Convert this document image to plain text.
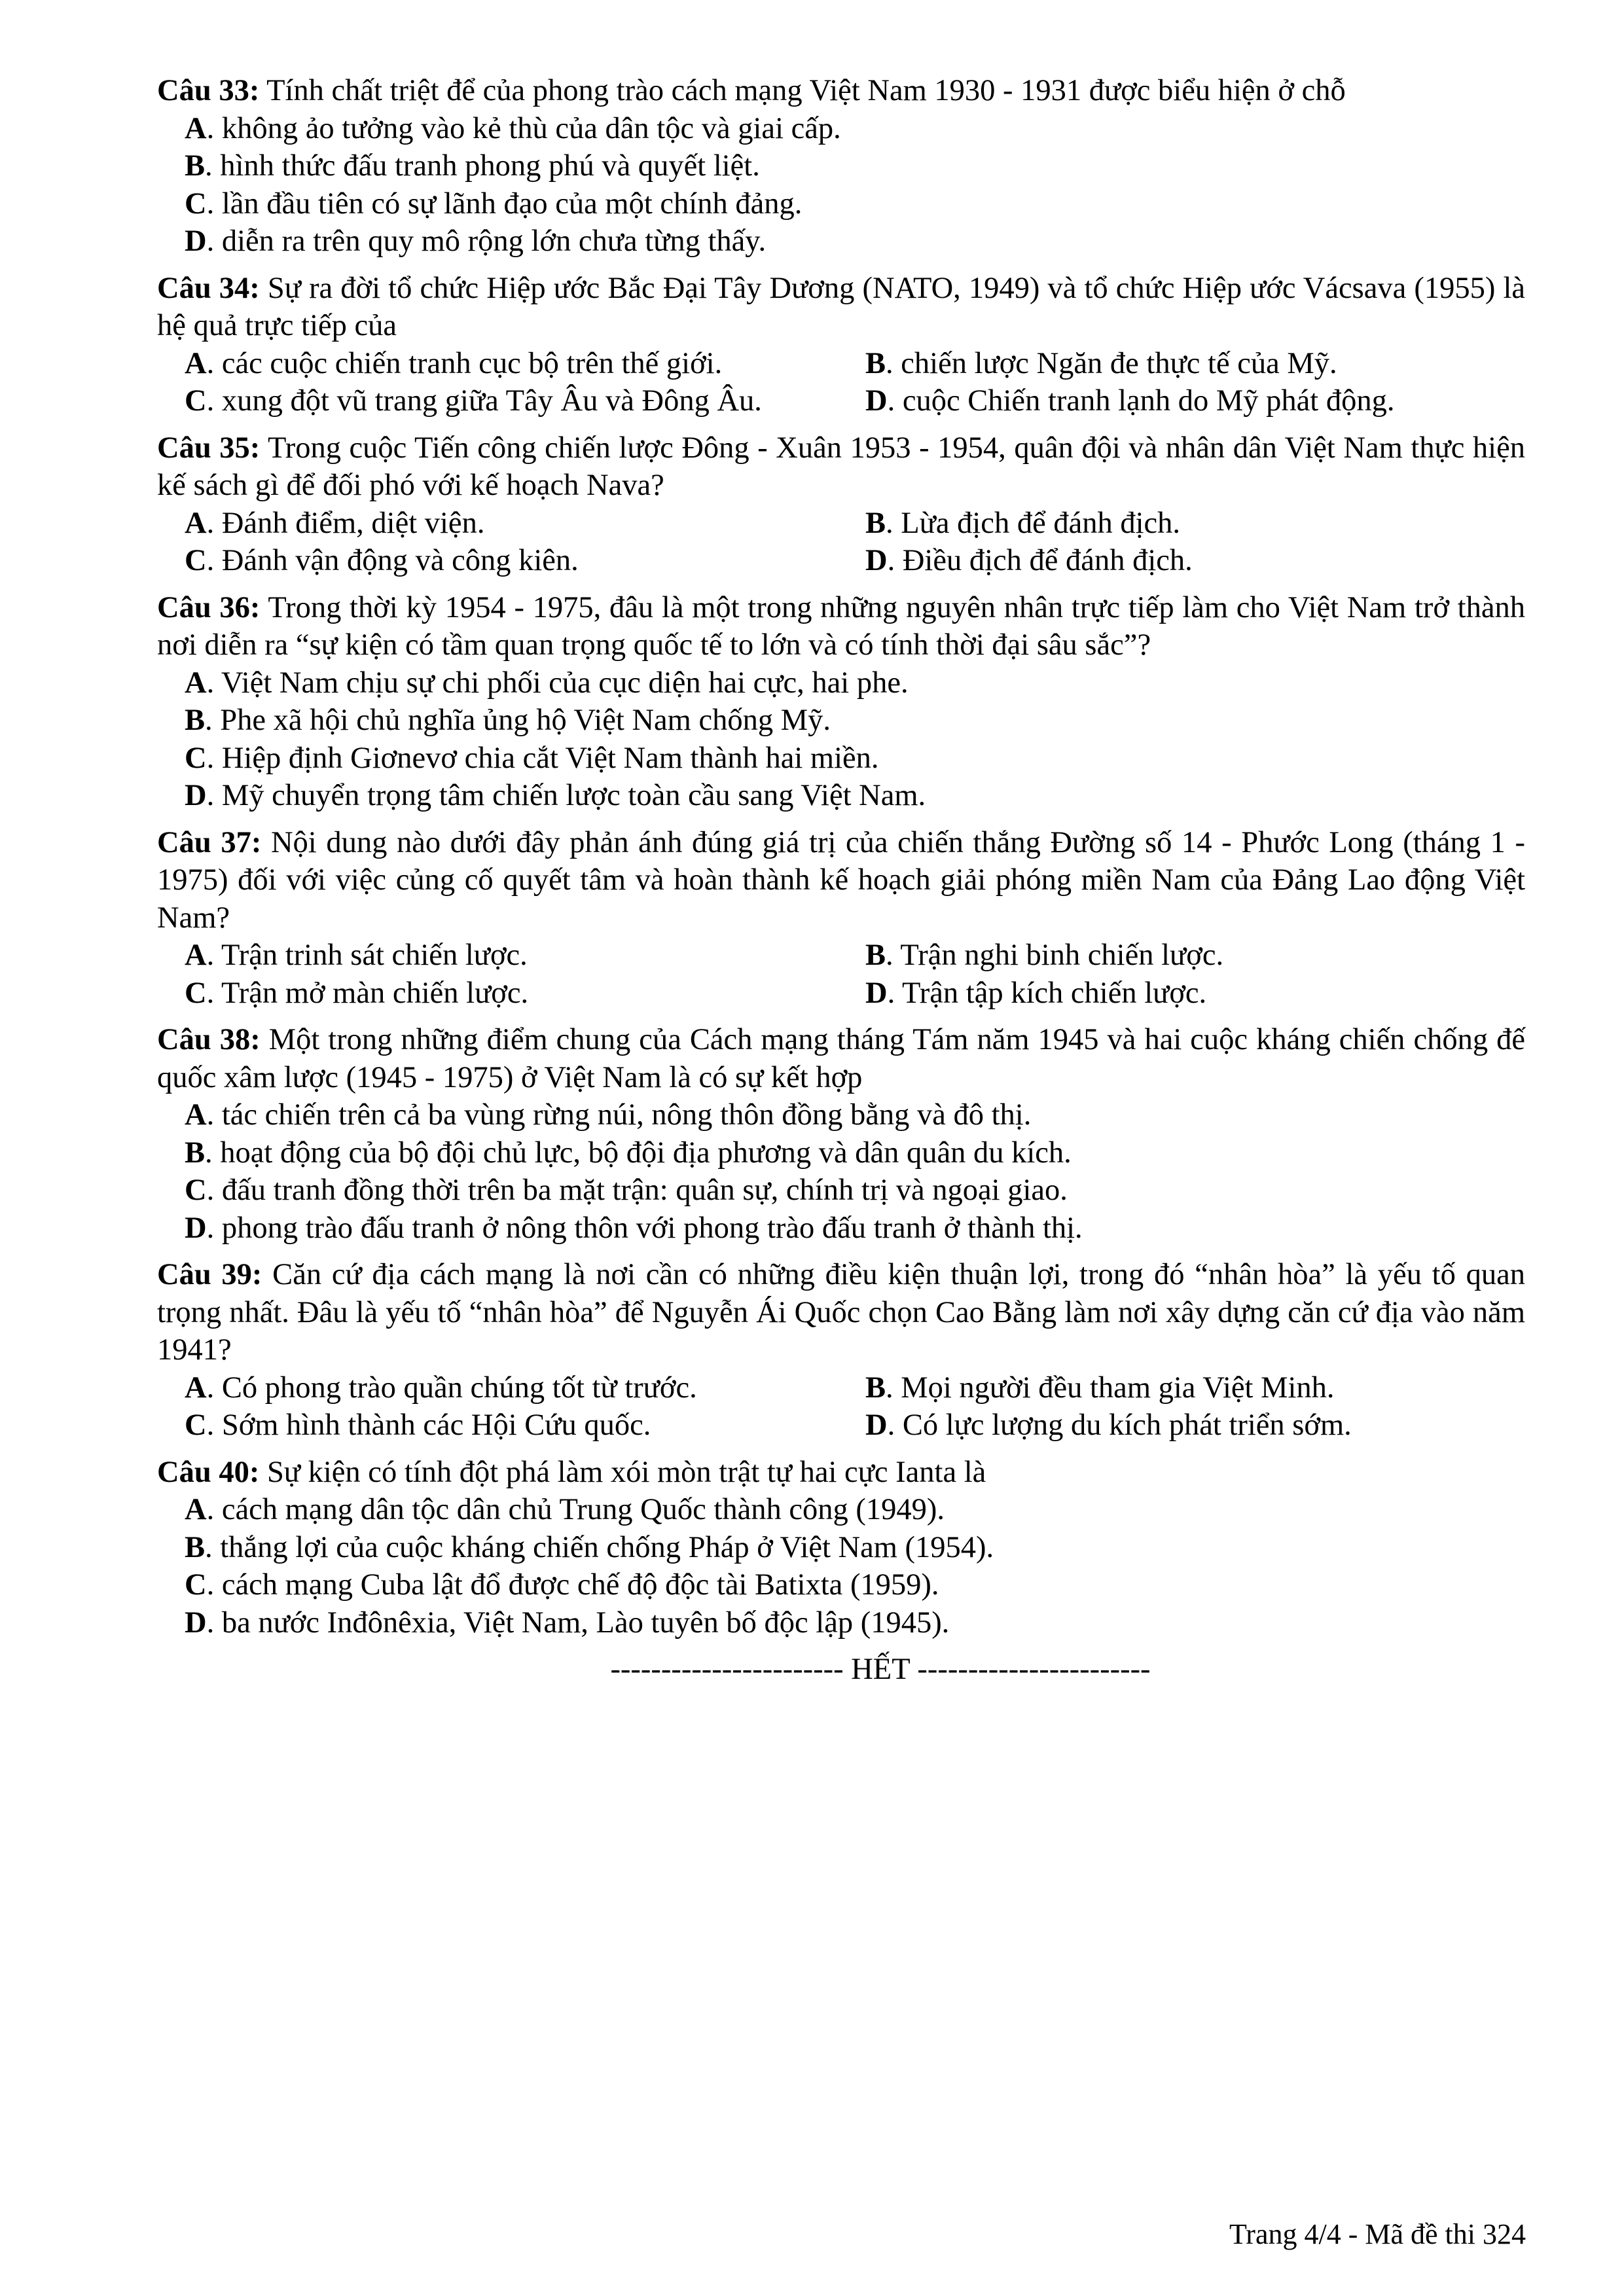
Câu 33: Tính chất triệt để của phong trào cách mạng Việt Nam 1930 - 1931 được biểu hiện ở chỗ
A. không ảo tưởng vào kẻ thù của dân tộc và giai cấp.
B. hình thức đấu tranh phong phú và quyết liệt.
C. lần đầu tiên có sự lãnh đạo của một chính đảng.
D. diễn ra trên quy mô rộng lớn chưa từng thấy.
Câu 34: Sự ra đời tổ chức Hiệp ước Bắc Đại Tây Dương (NATO, 1949) và tổ chức Hiệp ước Vácsava (1955) là hệ quả trực tiếp của
A. các cuộc chiến tranh cục bộ trên thế giới.	B. chiến lược Ngăn đe thực tế của Mỹ.
C. xung đột vũ trang giữa Tây Âu và Đông Âu.	D. cuộc Chiến tranh lạnh do Mỹ phát động.
Câu 35: Trong cuộc Tiến công chiến lược Đông - Xuân 1953 - 1954, quân đội và nhân dân Việt Nam thực hiện kế sách gì để đối phó với kế hoạch Nava?
A. Đánh điểm, diệt viện.	B. Lừa địch để đánh địch.
C. Đánh vận động và công kiên.	D. Điều địch để đánh địch.
Câu 36: Trong thời kỳ 1954 - 1975, đâu là một trong những nguyên nhân trực tiếp làm cho Việt Nam trở thành nơi diễn ra “sự kiện có tầm quan trọng quốc tế to lớn và có tính thời đại sâu sắc”?
A. Việt Nam chịu sự chi phối của cục diện hai cực, hai phe.
B. Phe xã hội chủ nghĩa ủng hộ Việt Nam chống Mỹ.
C. Hiệp định Giơnevơ chia cắt Việt Nam thành hai miền.
D. Mỹ chuyển trọng tâm chiến lược toàn cầu sang Việt Nam.
Câu 37: Nội dung nào dưới đây phản ánh đúng giá trị của chiến thắng Đường số 14 - Phước Long (tháng 1 - 1975) đối với việc củng cố quyết tâm và hoàn thành kế hoạch giải phóng miền Nam của Đảng Lao động Việt Nam?
A. Trận trinh sát chiến lược.	B. Trận nghi binh chiến lược.
C. Trận mở màn chiến lược.	D. Trận tập kích chiến lược.
Câu 38: Một trong những điểm chung của Cách mạng tháng Tám năm 1945 và hai cuộc kháng chiến chống đế quốc xâm lược (1945 - 1975) ở Việt Nam là có sự kết hợp
A. tác chiến trên cả ba vùng rừng núi, nông thôn đồng bằng và đô thị.
B. hoạt động của bộ đội chủ lực, bộ đội địa phương và dân quân du kích.
C. đấu tranh đồng thời trên ba mặt trận: quân sự, chính trị và ngoại giao.
D. phong trào đấu tranh ở nông thôn với phong trào đấu tranh ở thành thị.
Câu 39: Căn cứ địa cách mạng là nơi cần có những điều kiện thuận lợi, trong đó “nhân hòa” là yếu tố quan trọng nhất. Đâu là yếu tố “nhân hòa” để Nguyễn Ái Quốc chọn Cao Bằng làm nơi xây dựng căn cứ địa vào năm 1941?
A. Có phong trào quần chúng tốt từ trước.	B. Mọi người đều tham gia Việt Minh.
C. Sớm hình thành các Hội Cứu quốc.	D. Có lực lượng du kích phát triển sớm.
Câu 40: Sự kiện có tính đột phá làm xói mòn trật tự hai cực Ianta là
A. cách mạng dân tộc dân chủ Trung Quốc thành công (1949).
B. thắng lợi của cuộc kháng chiến chống Pháp ở Việt Nam (1954).
C. cách mạng Cuba lật đổ được chế độ độc tài Batixta (1959).
D. ba nước Inđônêxia, Việt Nam, Lào tuyên bố độc lập (1945).
----------------------- HẾT -----------------------
Trang 4/4 - Mã đề thi 324
